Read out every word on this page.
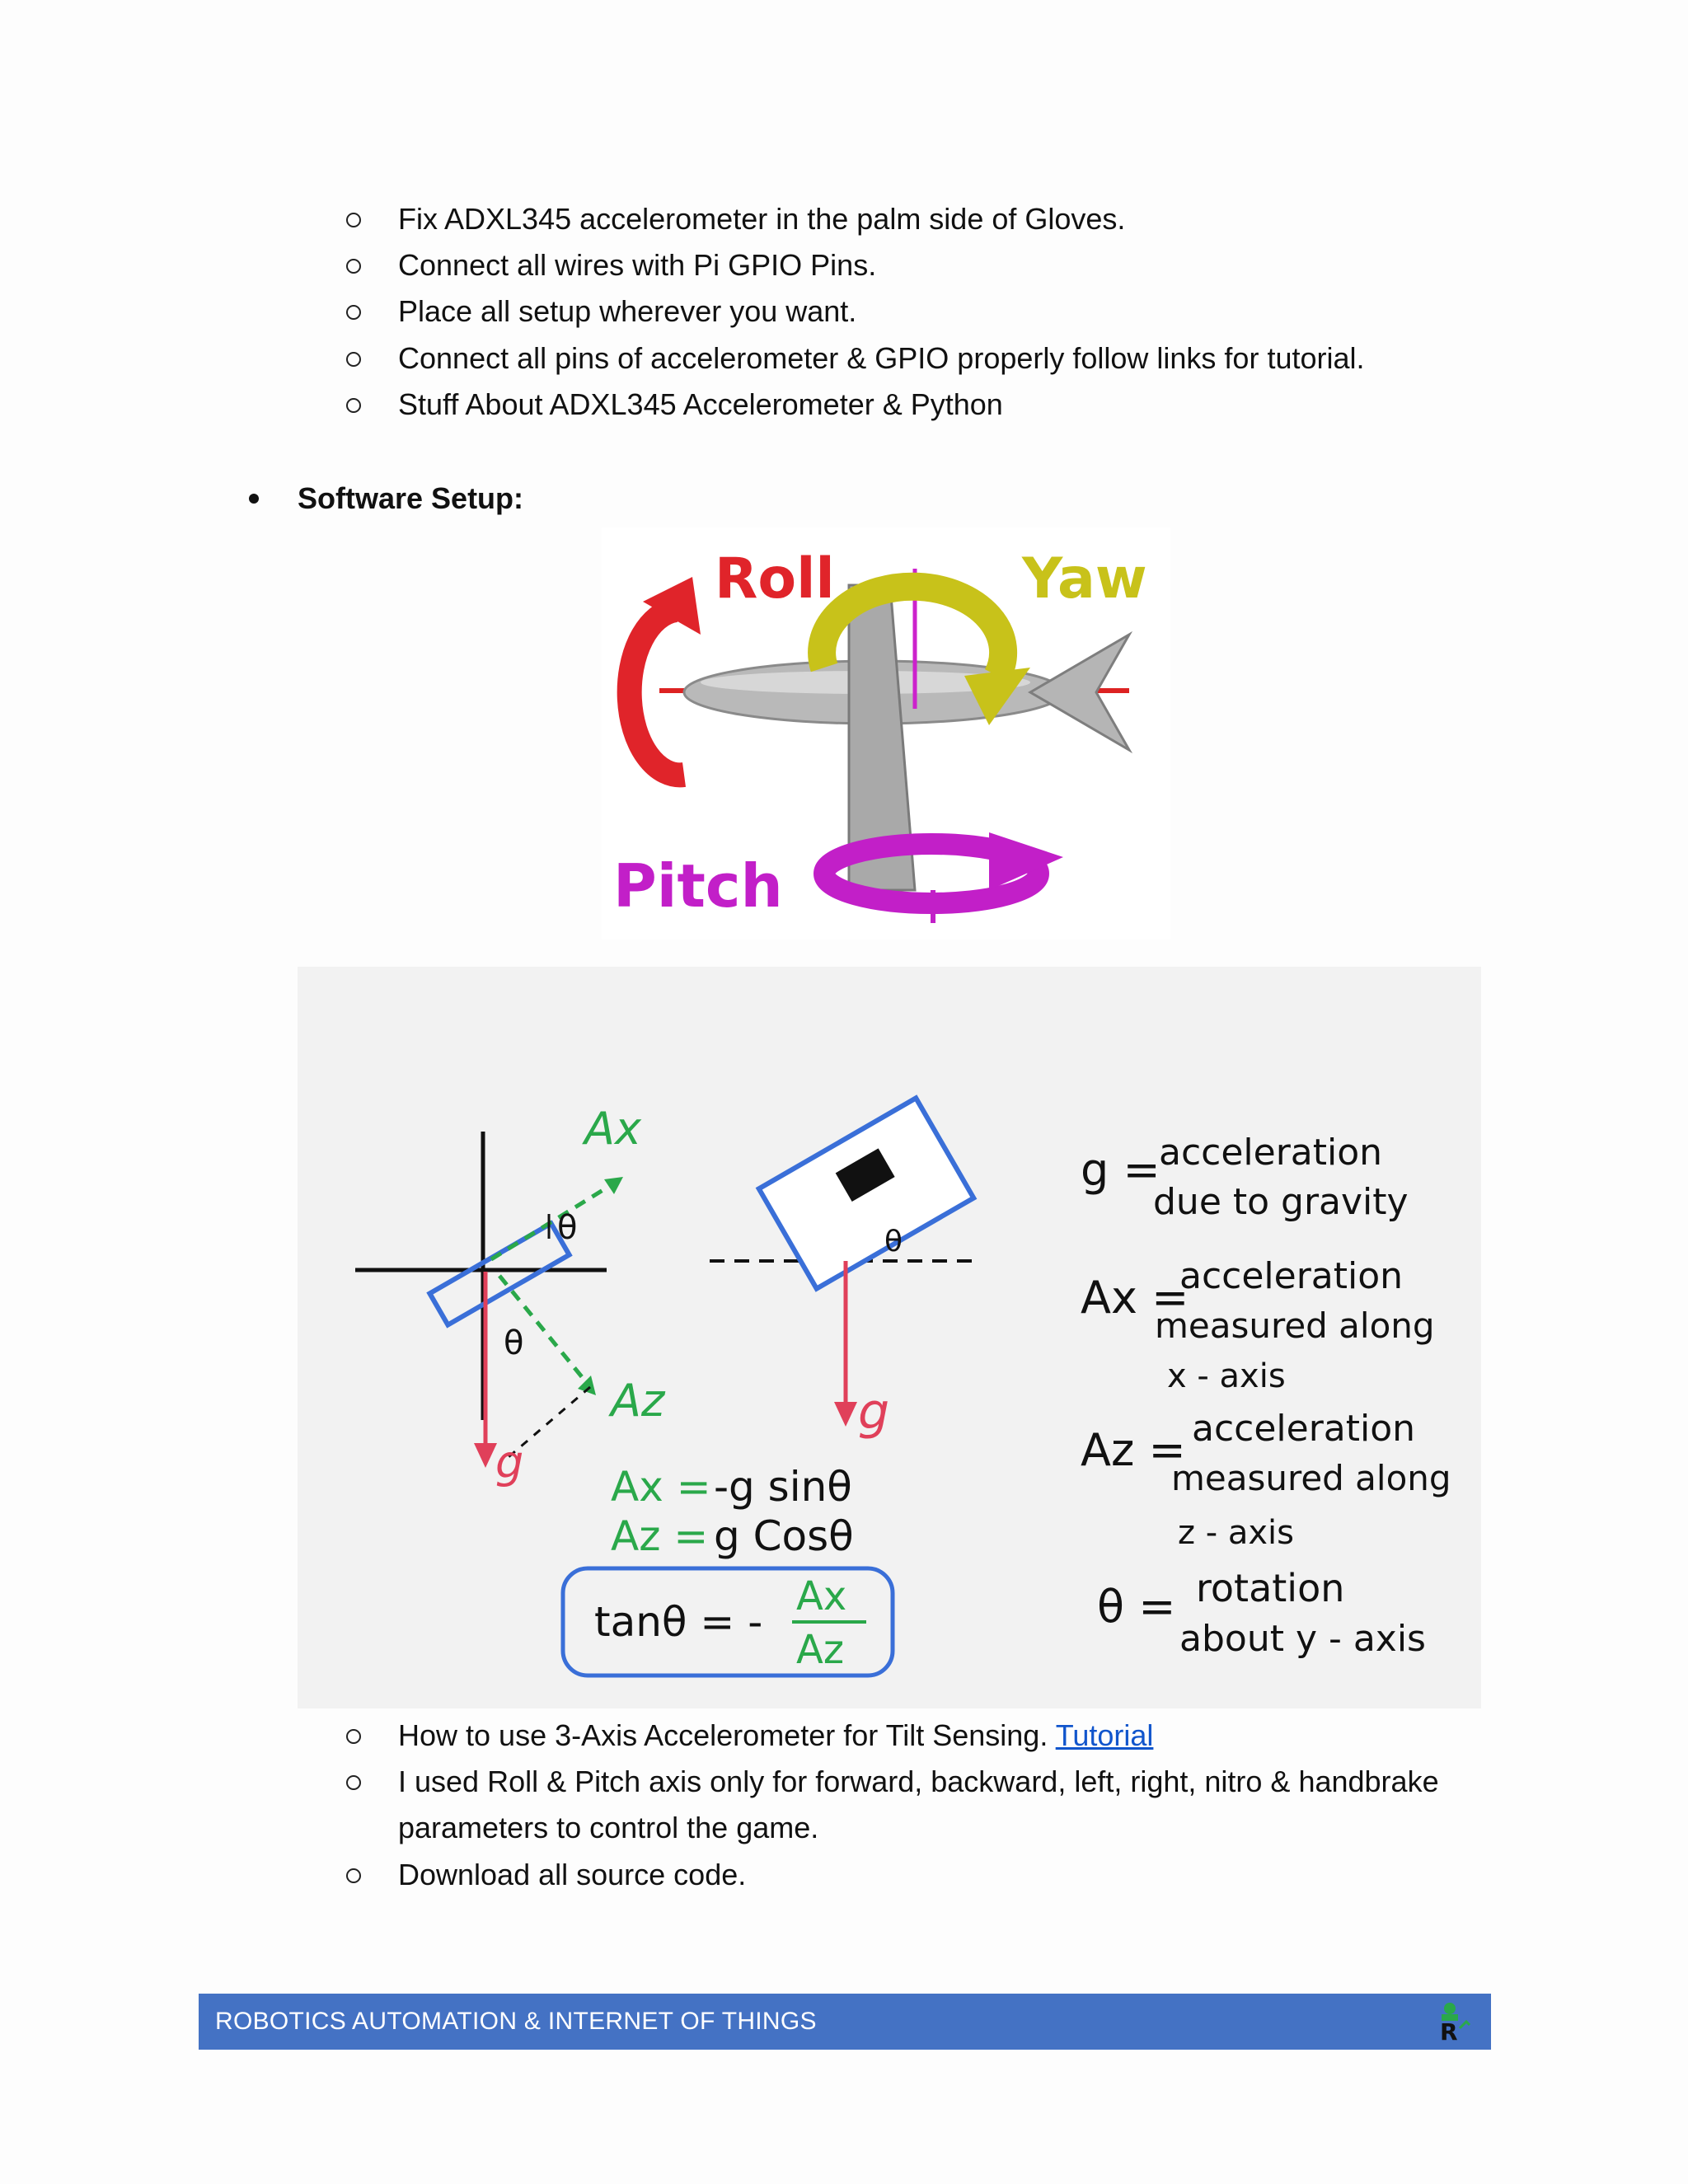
Fix ADXL345 accelerometer in the palm side of Gloves.
Connect all wires with Pi GPIO Pins.
Place all setup wherever you want.
Connect all pins of accelerometer & GPIO properly follow links for tutorial.
Stuff About ADXL345 Accelerometer & Python
Software Setup:
Roll	Yaw
Pitch
Ax
Az
θ
θ
g
g
θ
Ax = -g sinθ
Az = g Cosθ
tanθ = -
Ax
Az
g =
acceleration
due to gravity
Ax =
acceleration
measured along
x - axis
Az = acceleration
measured along
z - axis
θ = rotation
about y - axis
How to use 3-Axis Accelerometer for Tilt Sensing. Tutorial
I used Roll & Pitch axis only for forward, backward, left, right, nitro & handbrake
parameters to control the game.
Download all source code.
ROBOTICS AUTOMATION & INTERNET OF THINGS	R
